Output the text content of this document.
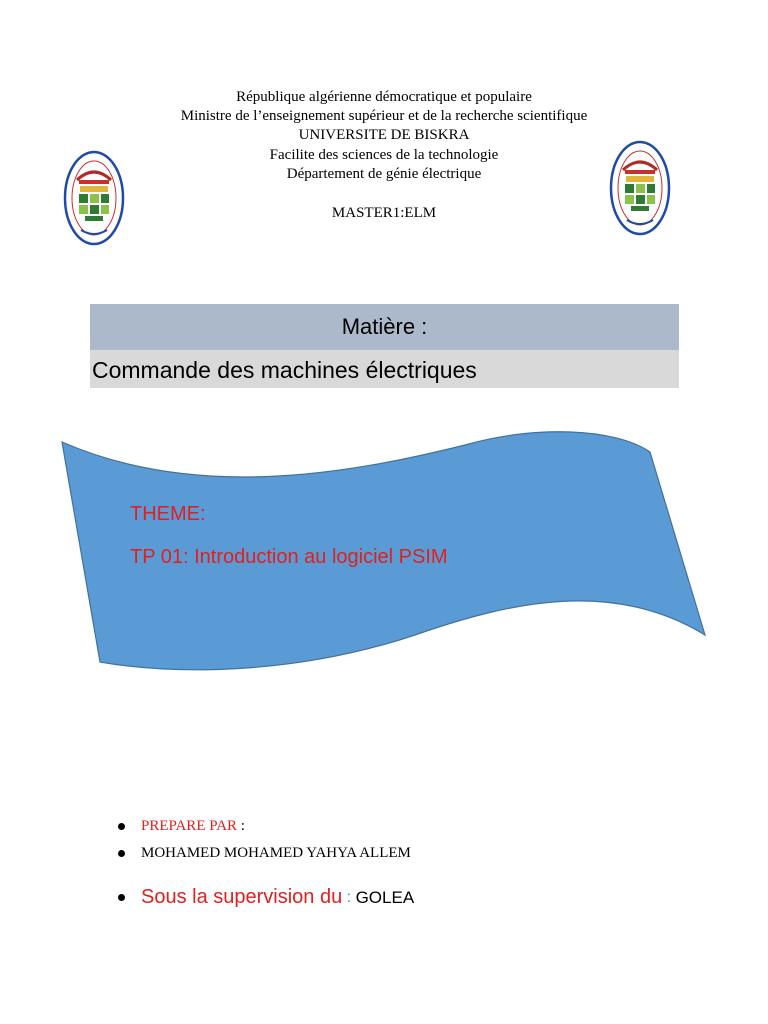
République algérienne démocratique et populaire
Ministre de l’enseignement supérieur et de la recherche scientifique
UNIVERSITE DE BISKRA
Facilite des sciences de la technologie
Département de génie électrique
MASTER1:ELM
Matière :
Commande des machines électriques
THEME:
TP 01: Introduction au logiciel PSIM
PREPARE PAR :
MOHAMED MOHAMED YAHYA ALLEM
Sous la supervision du : GOLEA
